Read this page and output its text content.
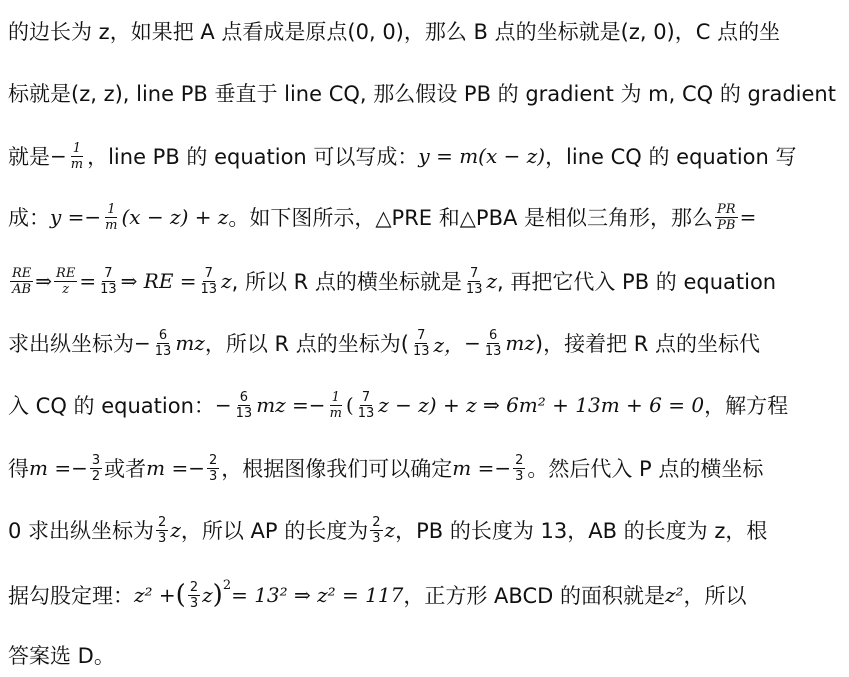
的边长为 z，如果把 A 点看成是原点(0, 0)，那么 B 点的坐标就是(z, 0)，C 点的坐
标就是(z, z), line PB 垂直于 line CQ, 那么假设 PB 的 gradient 为 m, CQ 的 gradient
就是 − $\frac{1}{m}$ ，line PB 的 equation 可以写成： y = m(x − z) ，line CQ 的 equation 写
成： $y =- \frac{1}{m} (x - z) + z$ 。如下图所示，△PRE 和△PBA 是相似三角形，那么 $\frac{PR}{PB}$ =
$\frac{RE}{AB}$ ⇒ $\frac{RE}{z} = \frac{7}{13}$ ⇒ RE = $\frac{7}{13}$ z , 所以 R 点的横坐标就是 $\frac{7}{13}$ z , 再把它代入 PB 的 equation
求出纵坐标为 − $\frac{6}{13}$ mz ，所以 R 点的坐标为( $\frac{7}{13}$ z， − $\frac{6}{13}$ mz )，接着把 R 点的坐标代
入 CQ 的 equation： − $\frac{6}{13}$ mz =− $\frac{1}{m}$ ( $\frac{7}{13}$ z − z) + z ⇒ 6m² + 13m + 6 = 0 ，解方程
得 $m =- \frac{3}{2}$ 或者 $m =- \frac{2}{3}$ ，根据图像我们可以确定 $m =- \frac{2}{3}$ 。然后代入 P 点的横坐标
0 求出纵坐标为 $\frac{2}{3}$ z ，所以 AP 的长度为 $\frac{2}{3}$ z ，PB 的长度为 13，AB 的长度为 z，根
据勾股定理： z² + ( $\frac{2}{3}$ z )$^2$ = 13² ⇒ z² = 117 ，正方形 ABCD 的面积就是 z² ，所以
答案选 D。
